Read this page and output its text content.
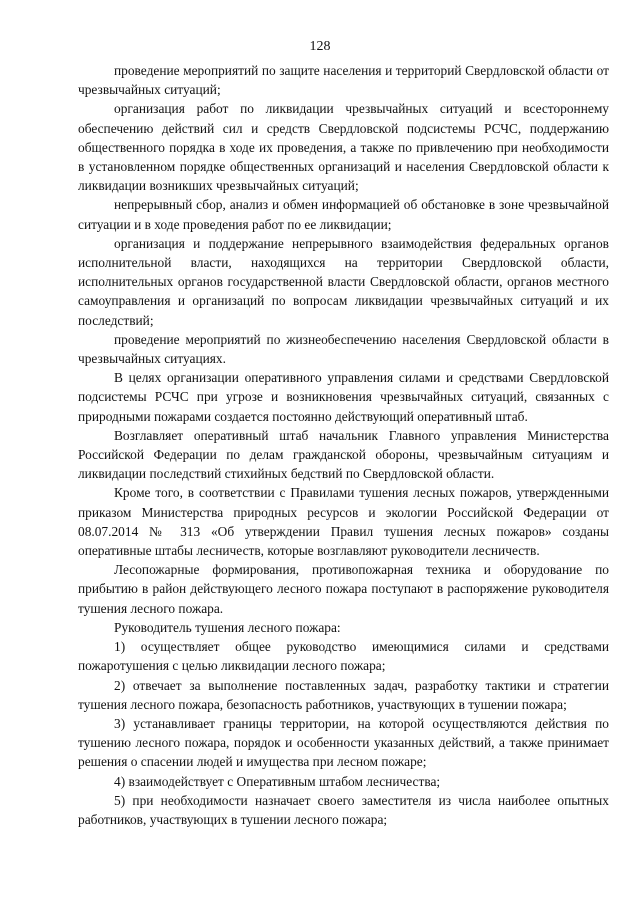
128

проведение мероприятий по защите населения и территорий Свердловской области от чрезвычайных ситуаций;

организация работ по ликвидации чрезвычайных ситуаций и всестороннему обеспечению действий сил и средств Свердловской подсистемы РСЧС, поддержанию общественного порядка в ходе их проведения, а также по привлечению при необходимости в установленном порядке общественных организаций и населения Свердловской области к ликвидации возникших чрезвычайных ситуаций;

непрерывный сбор, анализ и обмен информацией об обстановке в зоне чрезвычайной ситуации и в ходе проведения работ по ее ликвидации;

организация и поддержание непрерывного взаимодействия федеральных органов исполнительной власти, находящихся на территории Свердловской области, исполнительных органов государственной власти Свердловской области, органов местного самоуправления и организаций по вопросам ликвидации чрезвычайных ситуаций и их последствий;

проведение мероприятий по жизнеобеспечению населения Свердловской области в чрезвычайных ситуациях.

В целях организации оперативного управления силами и средствами Свердловской подсистемы РСЧС при угрозе и возникновения чрезвычайных ситуаций, связанных с природными пожарами создается постоянно действующий оперативный штаб.

Возглавляет оперативный штаб начальник Главного управления Министерства Российской Федерации по делам гражданской обороны, чрезвычайным ситуациям и ликвидации последствий стихийных бедствий по Свердловской области.

Кроме того, в соответствии с Правилами тушения лесных пожаров, утвержденными приказом Министерства природных ресурсов и экологии Российской Федерации от 08.07.2014 № 313 «Об утверждении Правил тушения лесных пожаров» созданы оперативные штабы лесничеств, которые возглавляют руководители лесничеств.

Лесопожарные формирования, противопожарная техника и оборудование по прибытию в район действующего лесного пожара поступают в распоряжение руководителя тушения лесного пожара.

Руководитель тушения лесного пожара:

1) осуществляет общее руководство имеющимися силами и средствами пожаротушения с целью ликвидации лесного пожара;

2) отвечает за выполнение поставленных задач, разработку тактики и стратегии тушения лесного пожара, безопасность работников, участвующих в тушении пожара;

3) устанавливает границы территории, на которой осуществляются действия по тушению лесного пожара, порядок и особенности указанных действий, а также принимает решения о спасении людей и имущества при лесном пожаре;

4) взаимодействует с Оперативным штабом лесничества;

5) при необходимости назначает своего заместителя из числа наиболее опытных работников, участвующих в тушении лесного пожара;
